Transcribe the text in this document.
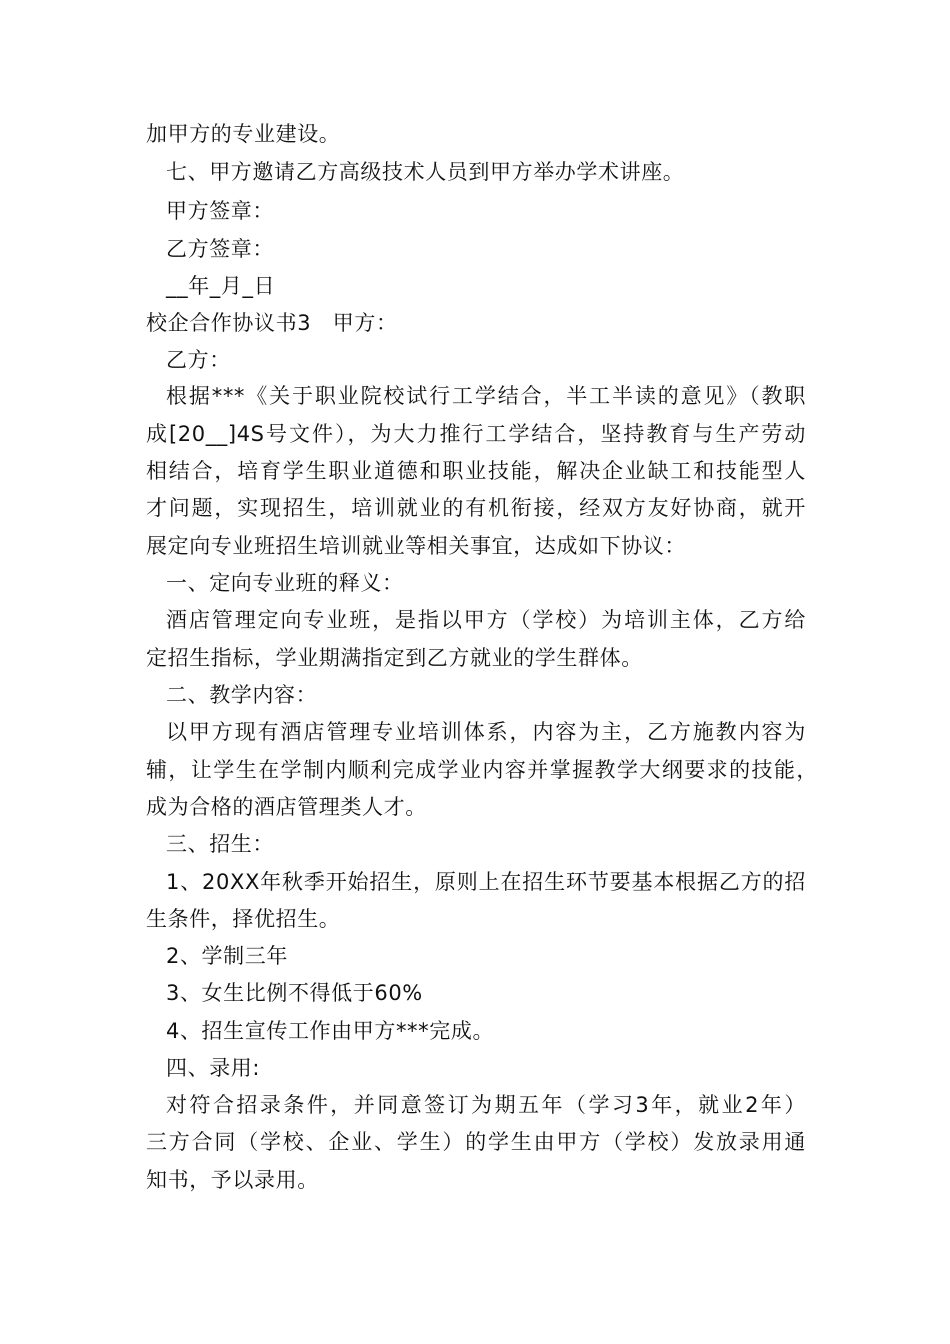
加甲方的专业建设。
七、甲方邀请乙方高级技术人员到甲方举办学术讲座。
甲方签章：
乙方签章：
__年_月_日
校企合作协议书3　甲方：
乙方：
根据***《关于职业院校试行工学结合，半工半读的意见》（教职
成[20__]4S号文件），为大力推行工学结合，坚持教育与生产劳动
相结合，培育学生职业道德和职业技能，解决企业缺工和技能型人
才问题，实现招生，培训就业的有机衔接，经双方友好协商，就开
展定向专业班招生培训就业等相关事宜，达成如下协议：
一、定向专业班的释义：
酒店管理定向专业班，是指以甲方（学校）为培训主体，乙方给
定招生指标，学业期满指定到乙方就业的学生群体。
二、教学内容：
以甲方现有酒店管理专业培训体系，内容为主，乙方施教内容为
辅，让学生在学制内顺利完成学业内容并掌握教学大纲要求的技能，
成为合格的酒店管理类人才。
三、招生：
1、20XX年秋季开始招生，原则上在招生环节要基本根据乙方的招
生条件，择优招生。
2、学制三年
3、女生比例不得低于60%
4、招生宣传工作由甲方***完成。
四、录用:
对符合招录条件，并同意签订为期五年（学习3年，就业2年）
三方合同（学校、企业、学生）的学生由甲方（学校）发放录用通
知书，予以录用。
